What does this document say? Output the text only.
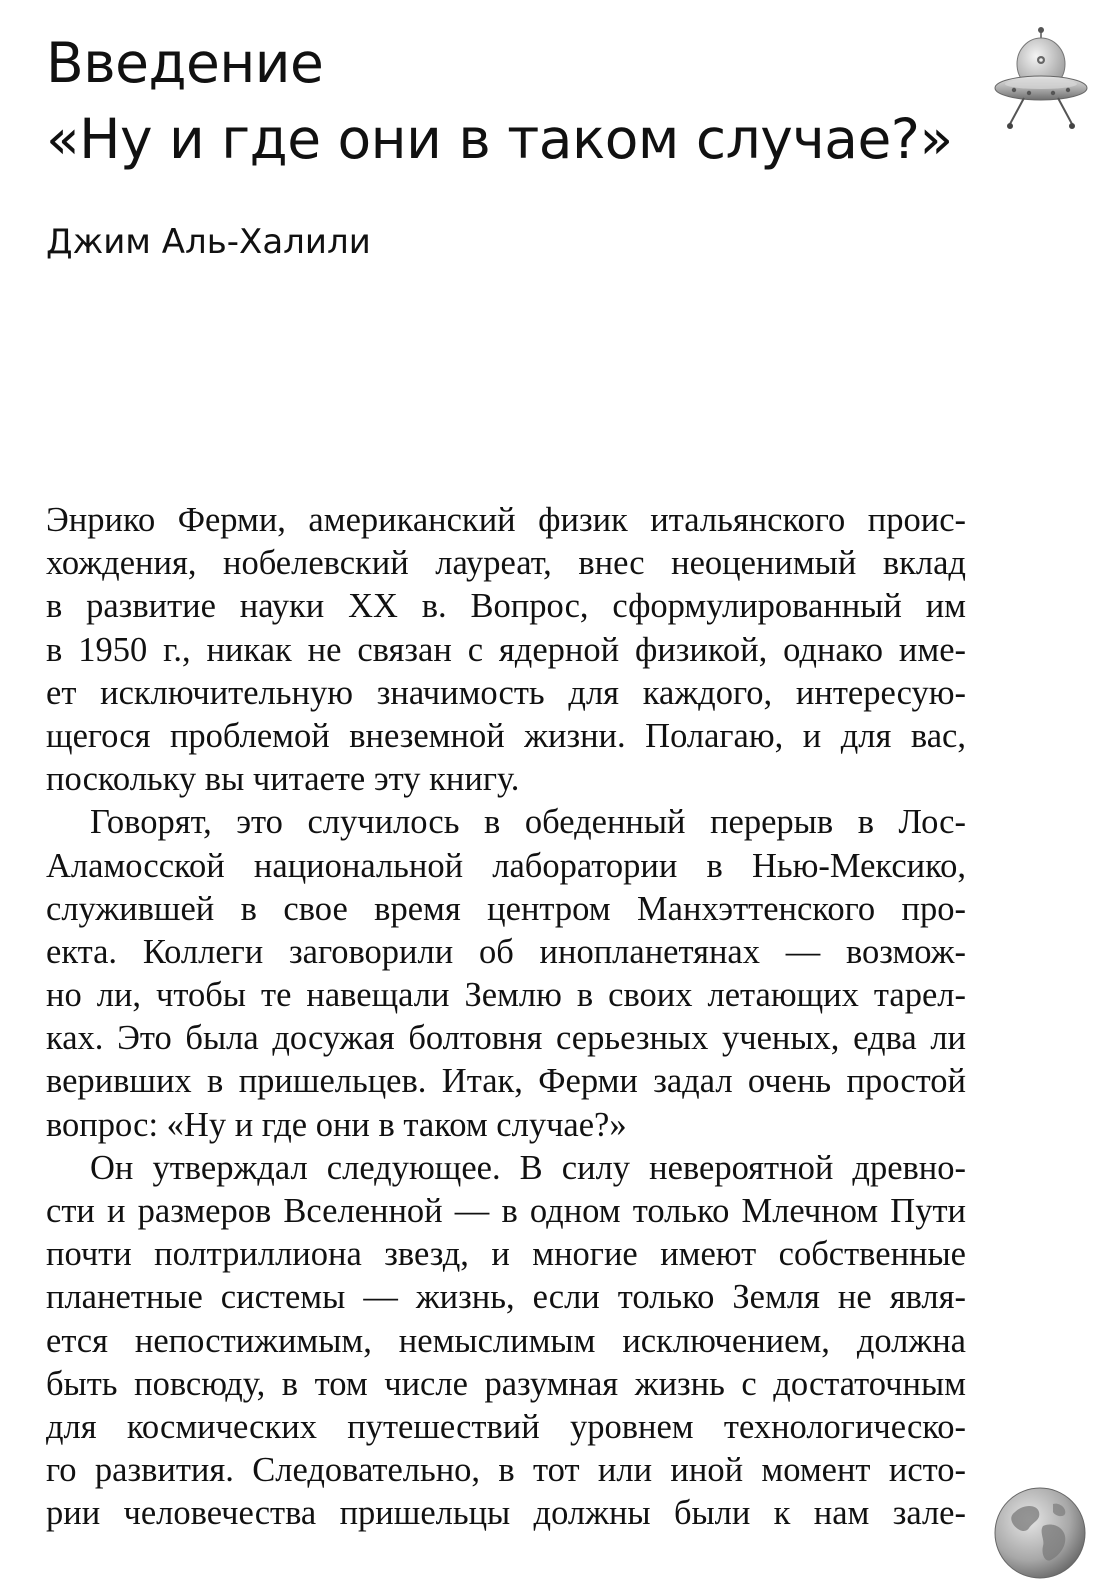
Введение
«Ну и где они в таком случае?»
Джим Аль-Халили
Энрико Ферми, американский физик итальянского проис-
хождения, нобелевский лауреат, внес неоценимый вклад
в развитие науки XX в. Вопрос, сформулированный им
в 1950 г., никак не связан с ядерной физикой, однако име-
ет исключительную значимость для каждого, интересую-
щегося проблемой внеземной жизни. Полагаю, и для вас,
поскольку вы читаете эту книгу.
Говорят, это случилось в обеденный перерыв в Лос-
Аламосской национальной лаборатории в Нью-Мексико,
служившей в свое время центром Манхэттенского про-
екта. Коллеги заговорили об инопланетянах — возмож-
но ли, чтобы те навещали Землю в своих летающих тарел-
ках. Это была досужая болтовня серьезных ученых, едва ли
веривших в пришельцев. Итак, Ферми задал очень простой
вопрос: «Ну и где они в таком случае?»
Он утверждал следующее. В силу невероятной древно-
сти и размеров Вселенной — в одном только Млечном Пути
почти полтриллиона звезд, и многие имеют собственные
планетные системы — жизнь, если только Земля не явля-
ется непостижимым, немыслимым исключением, должна
быть повсюду, в том числе разумная жизнь с достаточным
для космических путешествий уровнем технологическо-
го развития. Следовательно, в тот или иной момент исто-
рии человечества пришельцы должны были к нам зале-
